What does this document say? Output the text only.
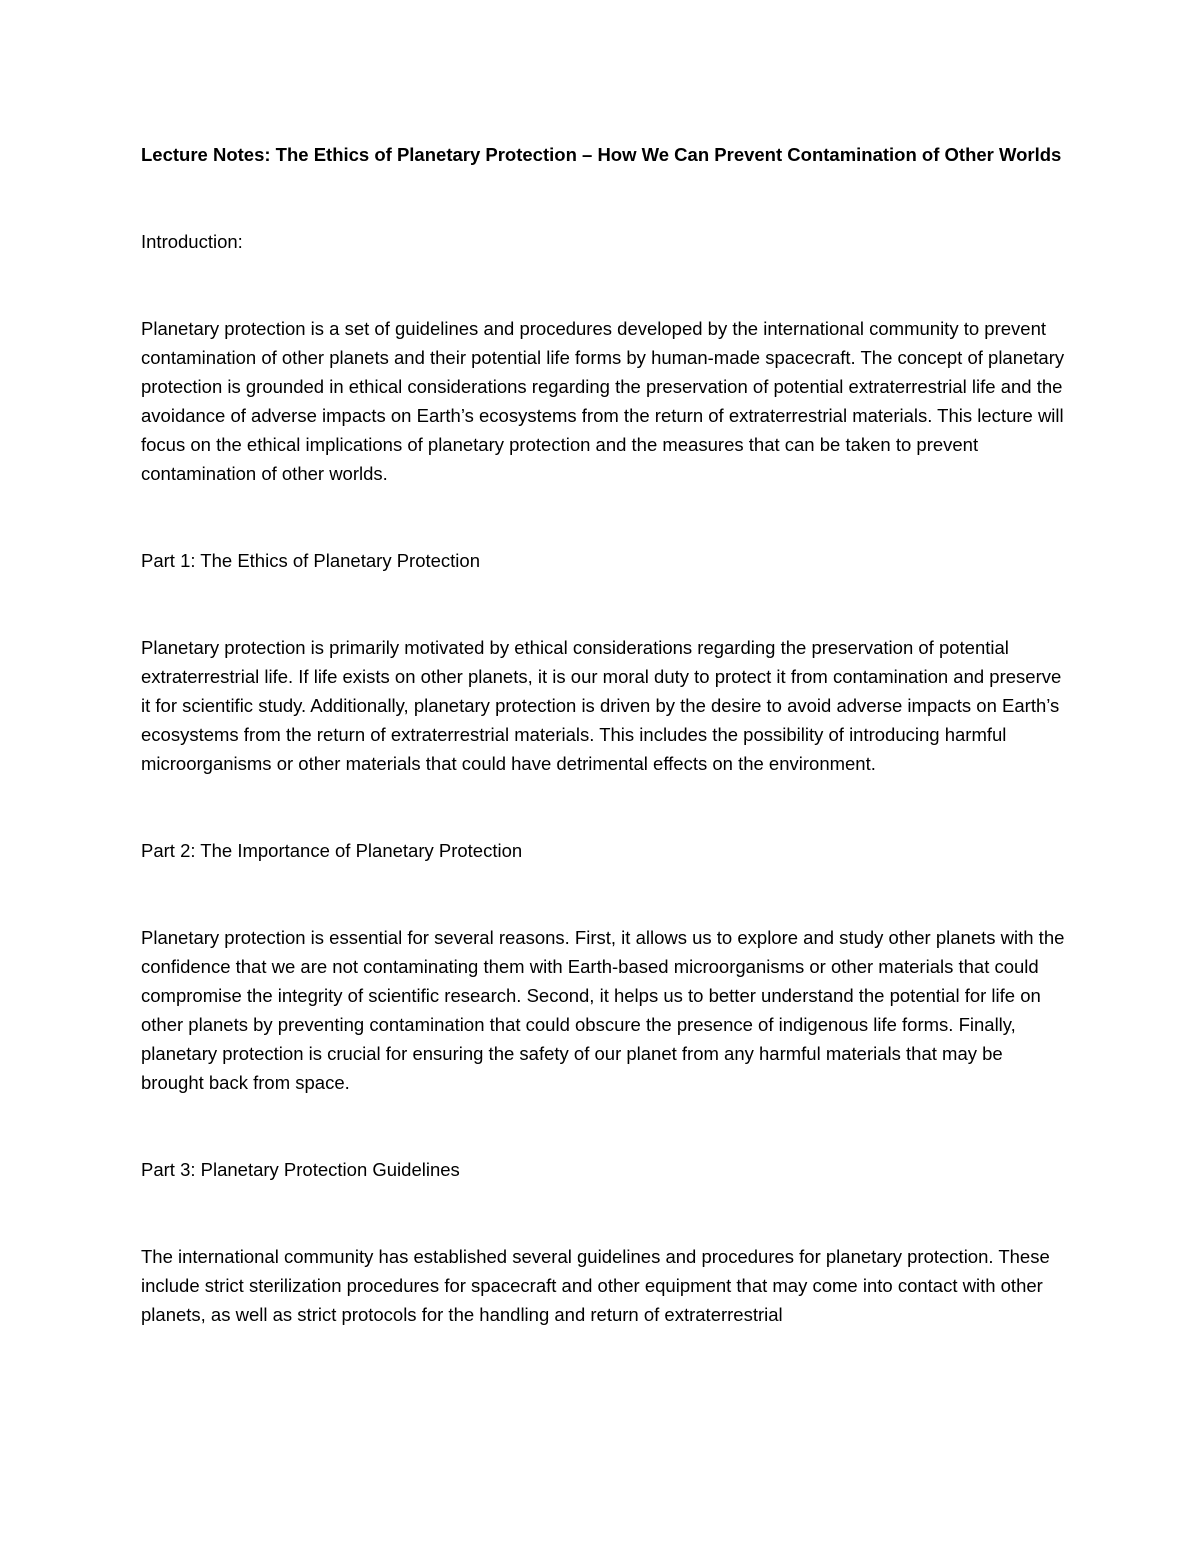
Lecture Notes: The Ethics of Planetary Protection – How We Can Prevent Contamination of Other Worlds

Introduction:

Planetary protection is a set of guidelines and procedures developed by the international community to prevent contamination of other planets and their potential life forms by human-made spacecraft. The concept of planetary protection is grounded in ethical considerations regarding the preservation of potential extraterrestrial life and the avoidance of adverse impacts on Earth’s ecosystems from the return of extraterrestrial materials. This lecture will focus on the ethical implications of planetary protection and the measures that can be taken to prevent contamination of other worlds.

Part 1: The Ethics of Planetary Protection

Planetary protection is primarily motivated by ethical considerations regarding the preservation of potential extraterrestrial life. If life exists on other planets, it is our moral duty to protect it from contamination and preserve it for scientific study. Additionally, planetary protection is driven by the desire to avoid adverse impacts on Earth’s ecosystems from the return of extraterrestrial materials. This includes the possibility of introducing harmful microorganisms or other materials that could have detrimental effects on the environment.

Part 2: The Importance of Planetary Protection

Planetary protection is essential for several reasons. First, it allows us to explore and study other planets with the confidence that we are not contaminating them with Earth-based microorganisms or other materials that could compromise the integrity of scientific research. Second, it helps us to better understand the potential for life on other planets by preventing contamination that could obscure the presence of indigenous life forms. Finally, planetary protection is crucial for ensuring the safety of our planet from any harmful materials that may be brought back from space.

Part 3: Planetary Protection Guidelines

The international community has established several guidelines and procedures for planetary protection. These include strict sterilization procedures for spacecraft and other equipment that may come into contact with other planets, as well as strict protocols for the handling and return of extraterrestrial
